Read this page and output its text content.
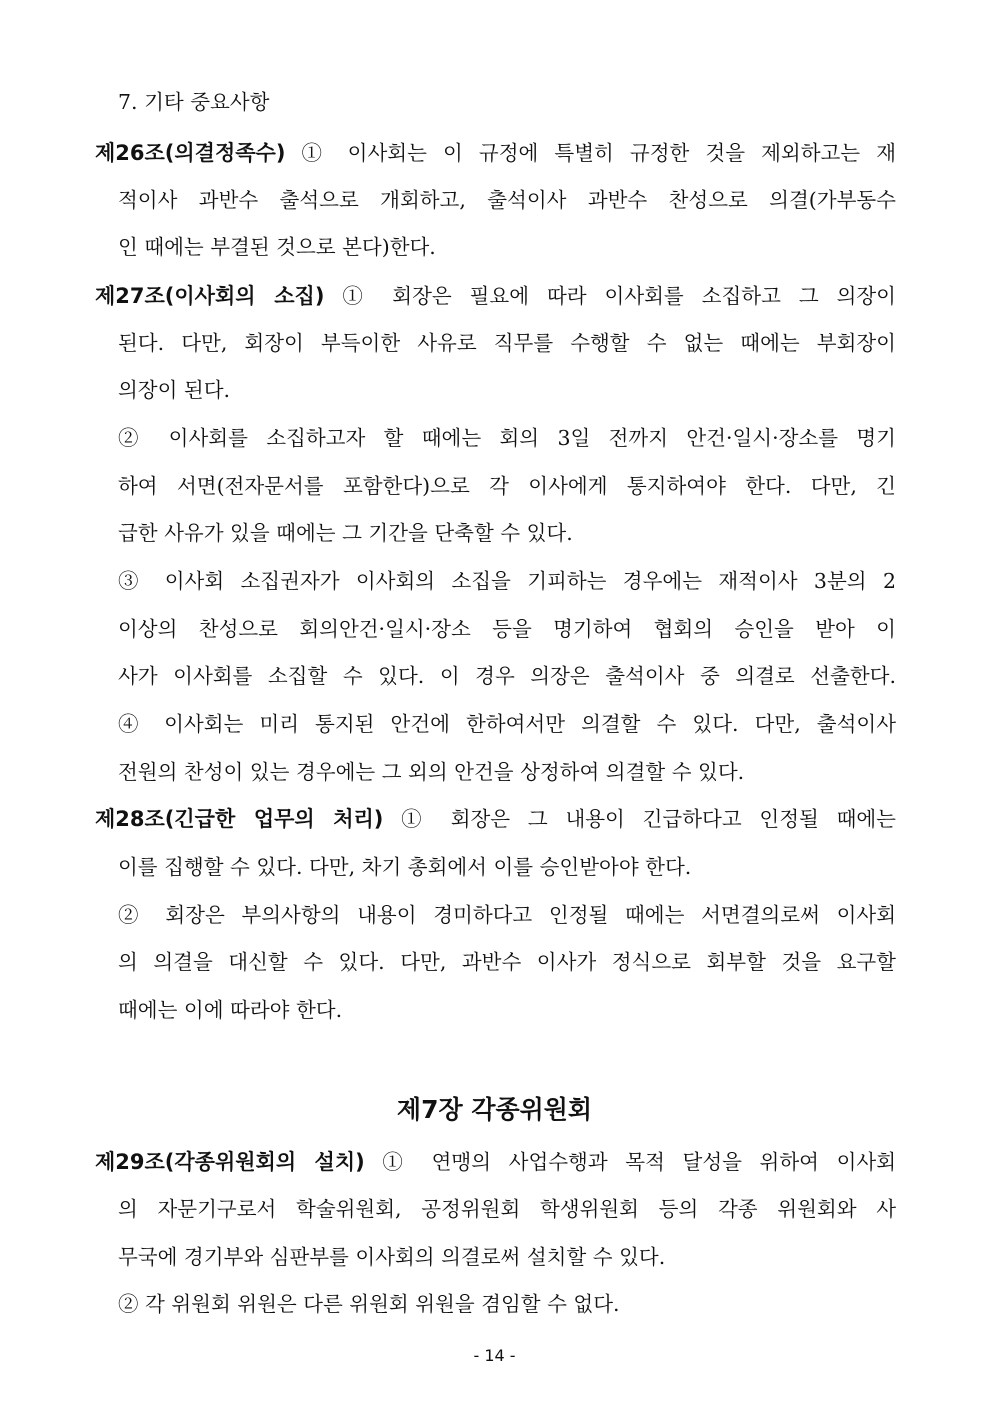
7. 기타 중요사항
제26조(의결정족수) ① 이사회는 이 규정에 특별히 규정한 것을 제외하고는 재
적이사 과반수 출석으로 개회하고, 출석이사 과반수 찬성으로 의결(가부동수
인 때에는 부결된 것으로 본다)한다.
제27조(이사회의 소집) ① 회장은 필요에 따라 이사회를 소집하고 그 의장이
된다. 다만, 회장이 부득이한 사유로 직무를 수행할 수 없는 때에는 부회장이
의장이 된다.
② 이사회를 소집하고자 할 때에는 회의 3일 전까지 안건·일시·장소를 명기
하여 서면(전자문서를 포함한다)으로 각 이사에게 통지하여야 한다. 다만, 긴
급한 사유가 있을 때에는 그 기간을 단축할 수 있다.
③ 이사회 소집권자가 이사회의 소집을 기피하는 경우에는 재적이사 3분의 2
이상의 찬성으로 회의안건·일시·장소 등을 명기하여 협회의 승인을 받아 이
사가 이사회를 소집할 수 있다. 이 경우 의장은 출석이사 중 의결로 선출한다.
④ 이사회는 미리 통지된 안건에 한하여서만 의결할 수 있다. 다만, 출석이사
전원의 찬성이 있는 경우에는 그 외의 안건을 상정하여 의결할 수 있다.
제28조(긴급한 업무의 처리) ① 회장은 그 내용이 긴급하다고 인정될 때에는
이를 집행할 수 있다. 다만, 차기 총회에서 이를 승인받아야 한다.
② 회장은 부의사항의 내용이 경미하다고 인정될 때에는 서면결의로써 이사회
의 의결을 대신할 수 있다. 다만, 과반수 이사가 정식으로 회부할 것을 요구할
때에는 이에 따라야 한다.
제7장 각종위원회
제29조(각종위원회의 설치) ① 연맹의 사업수행과 목적 달성을 위하여 이사회
의 자문기구로서 학술위원회, 공정위원회 학생위원회 등의 각종 위원회와 사
무국에 경기부와 심판부를 이사회의 의결로써 설치할 수 있다.
② 각 위원회 위원은 다른 위원회 위원을 겸임할 수 없다.
- 14 -
